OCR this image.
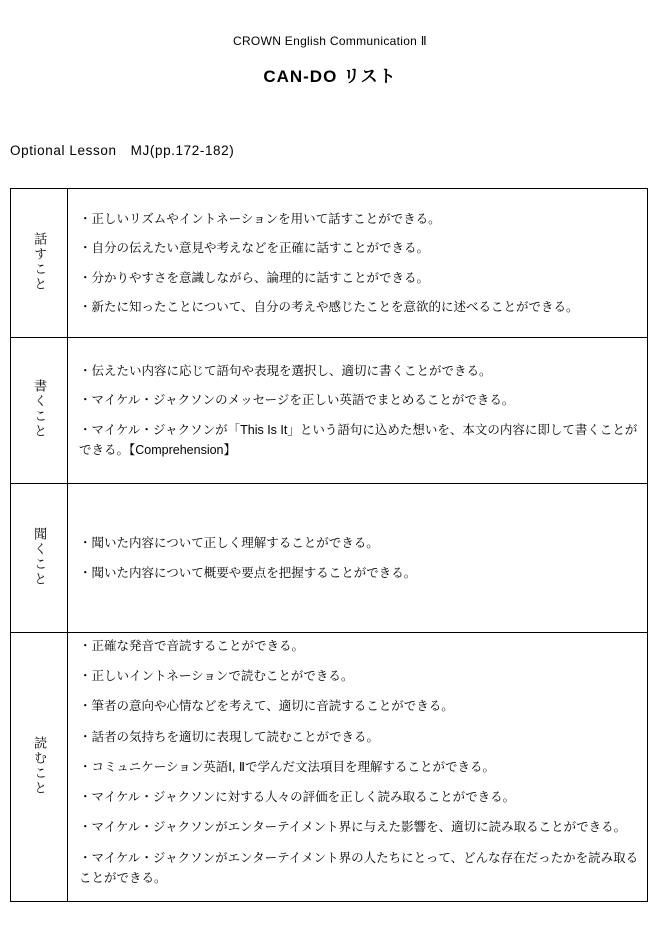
CROWN English Communication Ⅱ
CAN-DO リスト
Optional Lesson　MJ(pp.172-182)
話すこと	・正しいリズムやイントネーションを用いて話すことができる。

・自分の伝えたい意見や考えなどを正確に話すことができる。

・分かりやすさを意識しながら、論理的に話すことができる。

・新たに知ったことについて、自分の考えや感じたことを意欲的に述べることができる。

書くこと	・伝えたい内容に応じて語句や表現を選択し、適切に書くことができる。

・マイケル・ジャクソンのメッセージを正しい英語でまとめることができる。

・マイケル・ジャクソンが「This Is It」という語句に込めた想いを、本文の内容に即して書くことができる。【Comprehension】

聞くこと	・聞いた内容について正しく理解することができる。

・聞いた内容について概要や要点を把握することができる。

読むこと	

・正確な発音で音読することができる。

・正しいイントネーションで読むことができる。

・筆者の意向や心情などを考えて、適切に音読することができる。

・話者の気持ちを適切に表現して読むことができる。

・コミュニケーション英語Ⅰ, Ⅱで学んだ文法項目を理解することができる。

・マイケル・ジャクソンに対する人々の評価を正しく読み取ることができる。

・マイケル・ジャクソンがエンターテイメント界に与えた影響を、適切に読み取ることができる。

・マイケル・ジャクソンがエンターテイメント界の人たちにとって、どんな存在だったかを読み取ることができる。
